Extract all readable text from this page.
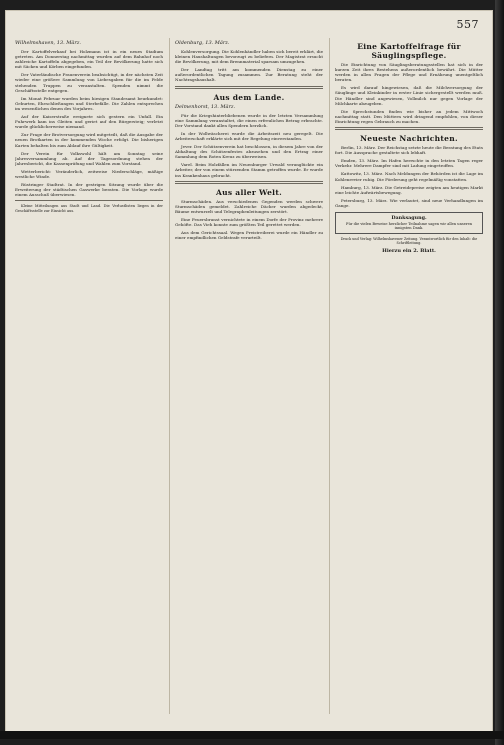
557
Wilhelmshaven, 13. März.

Der Kartoffelverkauf bei Holzmann ist in ein neues Stadium getreten. Am Donnerstag nachmittag wurden auf dem Bahnhof noch zahlreiche Kartoffeln abgegeben, ein Teil der Bevölkerung hatte sich mit Säcken und Körben eingefunden.

Der Vaterländische Frauenverein beabsichtigt, in der nächsten Zeit wieder eine größere Sammlung von Liebesgaben für die im Felde stehenden Truppen zu veranstalten. Spenden nimmt die Geschäftsstelle entgegen.

Im Monat Februar wurden beim hiesigen Standesamt beurkundet: Geburten, Eheschließungen und Sterbefälle. Die Zahlen entsprechen im wesentlichen denen des Vorjahres.

Auf der Kaiserstraße ereignete sich gestern ein Unfall. Ein Fuhrwerk kam ins Gleiten und geriet auf den Bürgersteig; verletzt wurde glücklicherweise niemand.

Zur Frage der Brotversorgung wird mitgeteilt, daß die Ausgabe der neuen Brotkarten in der kommenden Woche erfolgt. Die bisherigen Karten behalten bis zum Ablauf ihre Gültigkeit.

Der Verein für Volkswohl hält am Sonntag seine Jahresversammlung ab. Auf der Tagesordnung stehen der Jahresbericht, die Kassenprüfung und Wahlen zum Vorstand.

Wetterbericht: Veränderlich, zeitweise Niederschläge, mäßige westliche Winde.

Rüstringer Stadtrat. In der gestrigen Sitzung wurde über die Erweiterung der städtischen Gaswerke beraten. Die Vorlage wurde einem Ausschuß überwiesen.

Kleine Mitteilungen aus Stadt und Land. Die Verlustlisten liegen in der Geschäftsstelle zur Einsicht aus.

Oldenburg, 13. März.

Kohlenversorgung. Die Kohlenhändler haben sich bereit erklärt, die kleinen Haushaltungen bevorzugt zu beliefern. Der Magistrat ersucht die Bevölkerung, mit dem Brennmaterial sparsam umzugehen.

Der Landtag tritt am kommenden Dienstag zu einer außerordentlichen Tagung zusammen. Zur Beratung steht der Nachtragshaushalt.

Aus dem Lande.
Delmenhorst, 13. März.

Für die Kriegshinterbliebenen wurde in der letzten Versammlung eine Sammlung veranstaltet, die einen erfreulichen Betrag erbrachte. Der Vorstand dankt allen Spendern herzlich.

In der Wollwäscherei wurde die Arbeitszeit neu geregelt. Die Arbeiterschaft erklärte sich mit der Regelung einverstanden.

Jever. Der Schützenverein hat beschlossen, in diesem Jahre von der Abhaltung des Schützenfestes abzusehen und den Ertrag einer Sammlung dem Roten Kreuz zu überweisen.

Varel. Beim Holzfällen im Neuenburger Urwald verunglückte ein Arbeiter, der von einem stürzenden Stamm getroffen wurde. Er wurde ins Krankenhaus gebracht.

Aus aller Welt.

Sturmschäden. Aus verschiedenen Gegenden werden schwere Sturmschäden gemeldet. Zahlreiche Dächer wurden abgedeckt, Bäume entwurzelt und Telegraphenleitungen zerstört.

Eine Feuersbrunst vernichtete in einem Dorfe der Provinz mehrere Gehöfte. Das Vieh konnte zum größten Teil gerettet werden.

Aus dem Gerichtssaal. Wegen Preistreiberei wurde ein Händler zu einer empfindlichen Geldstrafe verurteilt.

Eine Kartoffelfrage für Säuglingspflege.

Die Einrichtung von Säuglingsberatungsstellen hat sich in der kurzen Zeit ihres Bestehens außerordentlich bewährt. Die Mütter werden in allen Fragen der Pflege und Ernährung unentgeltlich beraten.

Es wird darauf hingewiesen, daß die Milchversorgung der Säuglinge und Kleinkinder in erster Linie sichergestellt werden muß. Die Händler sind angewiesen, Vollmilch nur gegen Vorlage der Milchkarte abzugeben.

Die Sprechstunden finden wie bisher an jedem Mittwoch nachmittag statt. Den Müttern wird dringend empfohlen, von dieser Einrichtung regen Gebrauch zu machen.

Neueste Nachrichten.

Berlin, 13. März. Der Reichstag setzte heute die Beratung des Etats fort. Die Aussprache gestaltete sich lebhaft.

Emden, 13. März. Im Hafen herrschte in den letzten Tagen reger Verkehr. Mehrere Dampfer sind mit Ladung eingetroffen.

Kattowitz, 13. März. Nach Meldungen der Behörden ist die Lage im Kohlenrevier ruhig. Die Förderung geht regelmäßig vonstatten.

Hamburg, 13. März. Die Getreidepreise zeigten am heutigen Markt eine leichte Aufwärtsbewegung.

Petersburg, 13. März. Wie verlautet, sind neue Verhandlungen im Gange.

Danksagung.
Für die vielen Beweise herzlicher Teilnahme sagen wir allen unseren innigsten Dank.
Druck und Verlag: Wilhelmshavener Zeitung. Verantwortlich für den Inhalt: die Schriftleitung.
Hierzu ein 2. Blatt.
